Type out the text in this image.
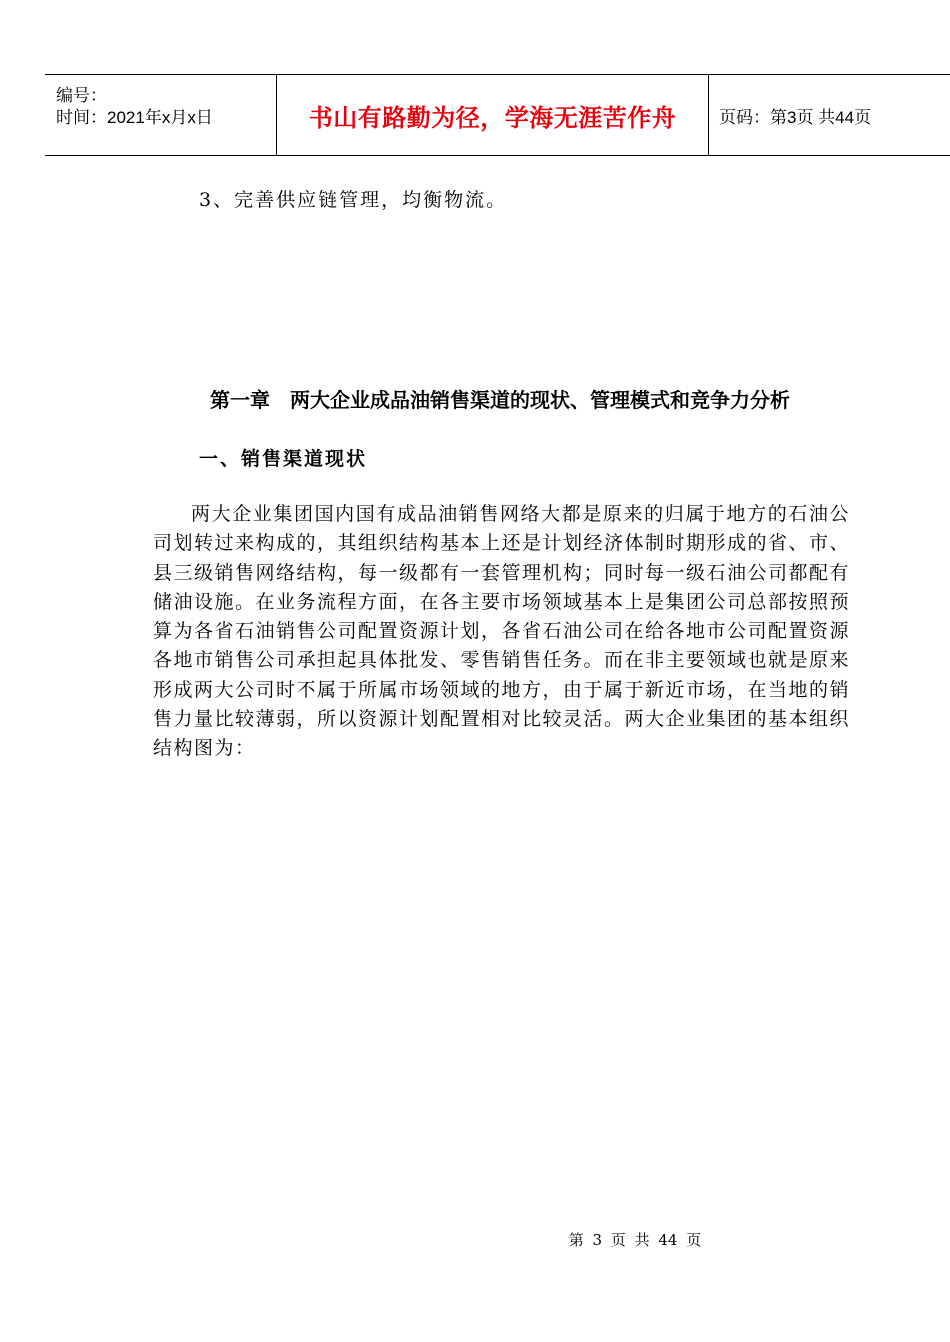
编号：
时间：2021年x月x日	书山有路勤为径，学海无涯苦作舟	页码：第3页 共44页
3、完善供应链管理，均衡物流。
第一章　两大企业成品油销售渠道的现状、管理模式和竞争力分析
一、销售渠道现状

两大企业集团国内国有成品油销售网络大都是原来的归属于地方的石油公司划转过来构成的，其组织结构基本上还是计划经济体制时期形成的省、市、县三级销售网络结构，每一级都有一套管理机构；同时每一级石油公司都配有储油设施。在业务流程方面，在各主要市场领域基本上是集团公司总部按照预算为各省石油销售公司配置资源计划，各省石油公司在给各地市公司配置资源各地市销售公司承担起具体批发、零售销售任务。而在非主要领域也就是原来形成两大公司时不属于所属市场领域的地方，由于属于新近市场，在当地的销售力量比较薄弱，所以资源计划配置相对比较灵活。两大企业集团的基本组织结构图为：

第 3 页 共 44 页
